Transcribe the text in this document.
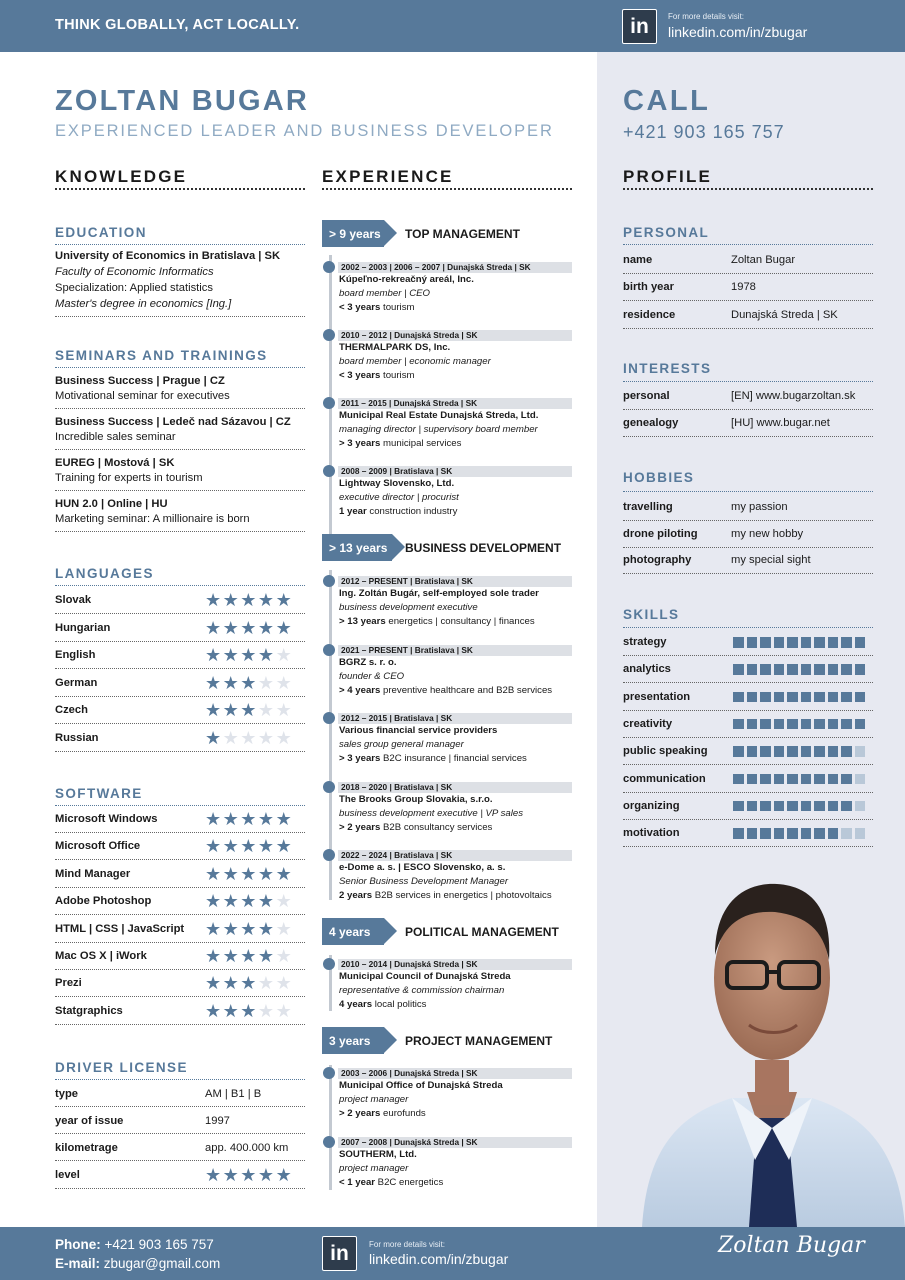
THINK GLOBALLY, ACT LOCALLY.	in	For more details visit:
linkedin.com/in/zbugar
ZOLTAN BUGAR
EXPERIENCED LEADER AND BUSINESS DEVELOPER
CALL
+421 903 165 757
KNOWLEDGE	EXPERIENCE	PROFILE
EDUCATION
University of Economics in Bratislava | SK
Faculty of Economic Informatics
Specialization: Applied statistics
Master's degree in economics [Ing.]
SEMINARS AND TRAININGS
Business Success | Prague | CZ
Motivational seminar for executives
Business Success | Ledeč nad Sázavou | CZ
Incredible sales seminar
EUREG | Mostová | SK
Training for experts in tourism
HUN 2.0 | Online | HU
Marketing seminar: A millionaire is born
LANGUAGES
SOFTWARE
DRIVER LICENSE
type	AM | B1 | B
year of issue	1997
kilometrage	app. 400.000 km
level	★★★★★
PERSONAL
INTERESTS
HOBBIES
SKILLS
Phone: +421 903 165 757
E-mail: zbugar@gmail.com	in	For more details visit:
linkedin.com/in/zbugar
Zoltan Bugar
Slovak	★★★★★
Hungarian	★★★★★
English	★★★★★
German	★★★★★
Czech	★★★★★
Russian	★★★★★
Microsoft Windows	★★★★★
Microsoft Office	★★★★★
Mind Manager	★★★★★
Adobe Photoshop	★★★★★
HTML | CSS | JavaScript ★★★★★
Mac OS X | iWork	★★★★★
Prezi	★★★★★
Statgraphics	★★★★★
> 9 years TOP MANAGEMENT
2002 – 2003 | 2006 – 2007 | Dunajská Streda | SK
Kúpeľno-rekreačný areál, Inc.
board member | CEO
< 3 years tourism
2010 – 2012 | Dunajská Streda | SK
THERMALPARK DS, Inc.
board member | economic manager
< 3 years tourism
2011 – 2015 | Dunajská Streda | SK
Municipal Real Estate Dunajská Streda, Ltd.
managing director | supervisory board member
> 3 years municipal services
2008 – 2009 | Bratislava | SK
Lightway Slovensko, Ltd.
executive director | procurist
1 year construction industry
> 13 years	BUSINESS DEVELOPMENT
2012 – PRESENT | Bratislava | SK
Ing. Zoltán Bugár, self-employed sole trader
business development executive
> 13 years energetics | consultancy | finances
2021 – PRESENT | Bratislava | SK
BGRZ s. r. o.
founder & CEO
> 4 years preventive healthcare and B2B services
2012 – 2015 | Bratislava | SK
Various financial service providers
sales group general manager
> 3 years B2C insurance | financial services
2018 – 2020 | Bratislava | SK
The Brooks Group Slovakia, s.r.o.
business development executive | VP sales
> 2 years B2B consultancy services
2022 – 2024 | Bratislava | SK
e-Dome a. s. | ESCO Slovensko, a. s.
Senior Business Development Manager
2 years B2B services in energetics | photovoltaics
4 years	POLITICAL MANAGEMENT
2010 – 2014 | Dunajská Streda | SK
Municipal Council of Dunajská Streda
representative & commission chairman
4 years local politics
3 years	PROJECT MANAGEMENT
2003 – 2006 | Dunajská Streda | SK
Municipal Office of Dunajská Streda
project manager
> 2 years eurofunds
2007 – 2008 | Dunajská Streda | SK
SOUTHERM, Ltd.
project manager
< 1 year B2C energetics
name	Zoltan Bugar
birth year	1978
residence	Dunajská Streda | SK
personal	[EN] www.bugarzoltan.sk
genealogy	[HU] www.bugar.net
travelling	my passion
drone piloting	my new hobby
photography	my special sight
strategy
analytics
presentation
creativity
public speaking
communication
organizing
motivation
